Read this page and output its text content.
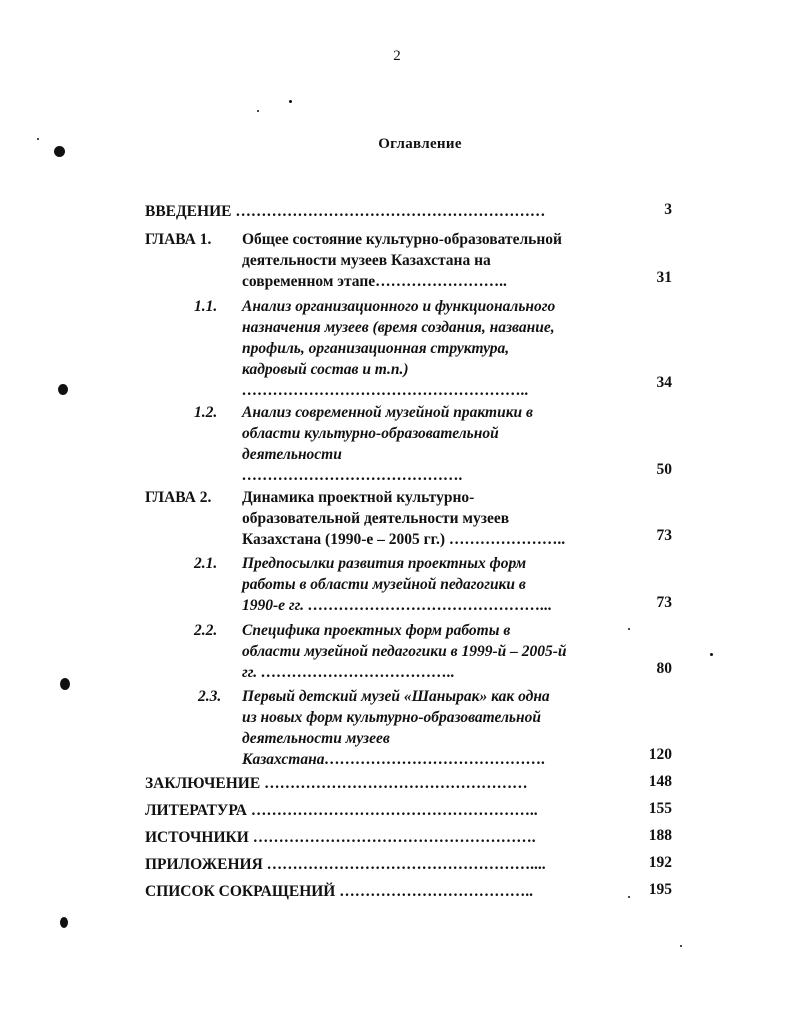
2
Оглавление
ВВЕДЕНИЕ ……………………………………………………	3
ГЛАВА 1. Общее состояние культурно-образовательной
деятельности музеев Казахстана на
современном этапе……………………..	31
1.1. Анализ организационного и функционального
назначения музеев (время создания, название,
профиль, организационная структура,
кадровый состав и т.п.)
………………………………………………..	34
1.2. Анализ современной музейной практики в
области культурно-образовательной
деятельности
…………………………………….	50
ГЛАВА 2. Динамика проектной культурно-
образовательной деятельности музеев
Казахстана (1990-е – 2005 гг.) …………………..	73
2.1. Предпосылки развития проектных форм
работы в области музейной педагогики в
1990-е гг. ………………………………………...	73
2.2. Специфика проектных форм работы в
области музейной педагогики в 1999-й – 2005-й
гг. ………………………………..	80
2.3. Первый детский музей «Шанырак» как одна
из новых форм культурно-образовательной
деятельности музеев
Казахстана…………………………………….	120
ЗАКЛЮЧЕНИЕ ……………………………………………	148
ЛИТЕРАТУРА ………………………………………………..	155
ИСТОЧНИКИ ……………………………………………….	188
ПРИЛОЖЕНИЯ ……………………………………………....	192
СПИСОК СОКРАЩЕНИЙ ………………………………..	195
